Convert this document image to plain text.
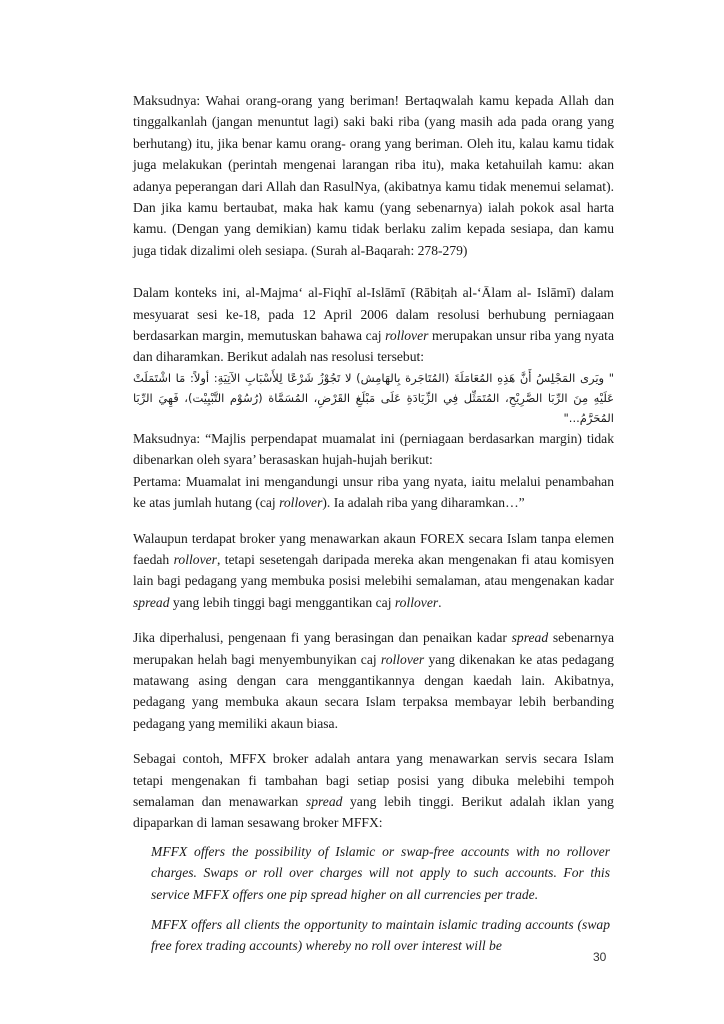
Maksudnya: Wahai orang-orang yang beriman! Bertaqwalah kamu kepada Allah dan tinggalkanlah (jangan menuntut lagi) saki baki riba (yang masih ada pada orang yang berhutang) itu, jika benar kamu orang- orang yang beriman. Oleh itu, kalau kamu tidak juga melakukan (perintah mengenai larangan riba itu), maka ketahuilah kamu: akan adanya peperangan dari Allah dan RasulNya, (akibatnya kamu tidak menemui selamat). Dan jika kamu bertaubat, maka hak kamu (yang sebenarnya) ialah pokok asal harta kamu. (Dengan yang demikian) kamu tidak berlaku zalim kepada sesiapa, dan kamu juga tidak dizalimi oleh sesiapa. (Surah al-Baqarah: 278-279)

Dalam konteks ini, al-Majma‘ al-Fiqhī al-Islāmī (Rābiṭah al-‘Ālam al- Islāmī) dalam mesyuarat sesi ke-18, pada 12 April 2006 dalam resolusi berhubung perniagaan berdasarkan margin, memutuskan bahawa caj rollover merupakan unsur riba yang nyata dan diharamkan. Berikut adalah nas resolusi tersebut:

" ويَرى المَجْلِسُ أَنَّ هَذِهِ المُعَامَلَةَ (المُتَاجَرة بِالهَامِش) لا تَجُوْزُ شَرْعًا لِلأَسْبَابِ الآتِيَةِ: أولاً: مَا اشْتَمَلَتْ عَلَيْهِ مِنَ الرِّبَا الصَّرِيْحِ، المُتَمَثِّل فِي الزِّيَادَةِ عَلَى مَبْلَغِ القَرْضِ، المُسَمَّاة (رُسُوْم التَّبْيِيْت)، فَهِيَ الرِّبَا المُحَرَّمُ..."

Maksudnya: “Majlis perpendapat muamalat ini (perniagaan berdasarkan margin) tidak dibenarkan oleh syara’ berasaskan hujah-hujah berikut:
Pertama: Muamalat ini mengandungi unsur riba yang nyata, iaitu melalui penambahan ke atas jumlah hutang (caj rollover). Ia adalah riba yang diharamkan…”

Walaupun terdapat broker yang menawarkan akaun FOREX secara Islam tanpa elemen faedah rollover, tetapi sesetengah daripada mereka akan mengenakan fi atau komisyen lain bagi pedagang yang membuka posisi melebihi semalaman, atau mengenakan kadar spread yang lebih tinggi bagi menggantikan caj rollover.

Jika diperhalusi, pengenaan fi yang berasingan dan penaikan kadar spread sebenarnya merupakan helah bagi menyembunyikan caj rollover yang dikenakan ke atas pedagang matawang asing dengan cara menggantikannya dengan kaedah lain. Akibatnya, pedagang yang membuka akaun secara Islam terpaksa membayar lebih berbanding pedagang yang memiliki akaun biasa.

Sebagai contoh, MFFX broker adalah antara yang menawarkan servis secara Islam tetapi mengenakan fi tambahan bagi setiap posisi yang dibuka melebihi tempoh semalaman dan menawarkan spread yang lebih tinggi. Berikut adalah iklan yang dipaparkan di laman sesawang broker MFFX:

MFFX offers the possibility of Islamic or swap-free accounts with no rollover charges. Swaps or roll over charges will not apply to such accounts. For this service MFFX offers one pip spread higher on all currencies per trade.

MFFX offers all clients the opportunity to maintain islamic trading accounts (swap free forex trading accounts) whereby no roll over interest will be

30
